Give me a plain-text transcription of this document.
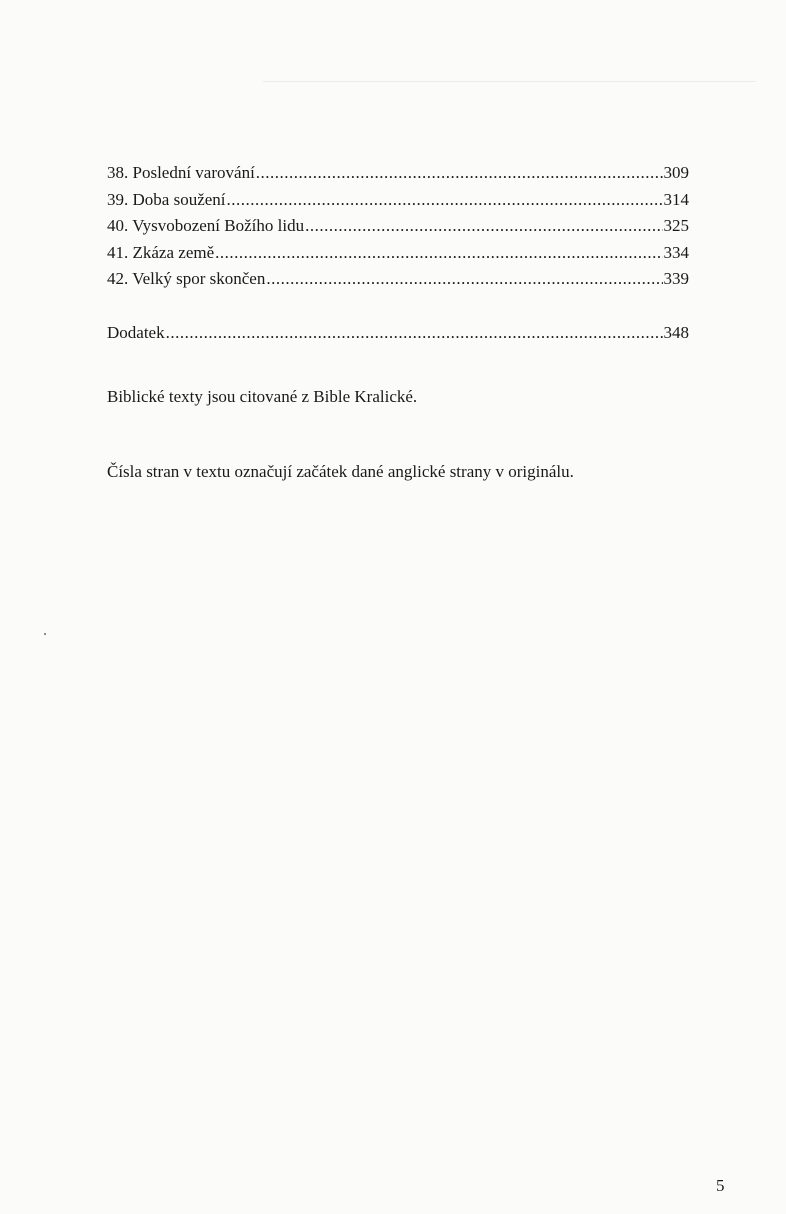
__________________________________________________________
38. Poslední varování .....	309
39. Doba soužení .....	314
40. Vysvobození Božího lidu .....	325
41. Zkáza země .....	334
42. Velký spor skončen .....	339
Dodatek .....	348
Biblické texty jsou citované z Bible Kralické.
Čísla stran v textu označují začátek dané anglické strany v originálu.
5
